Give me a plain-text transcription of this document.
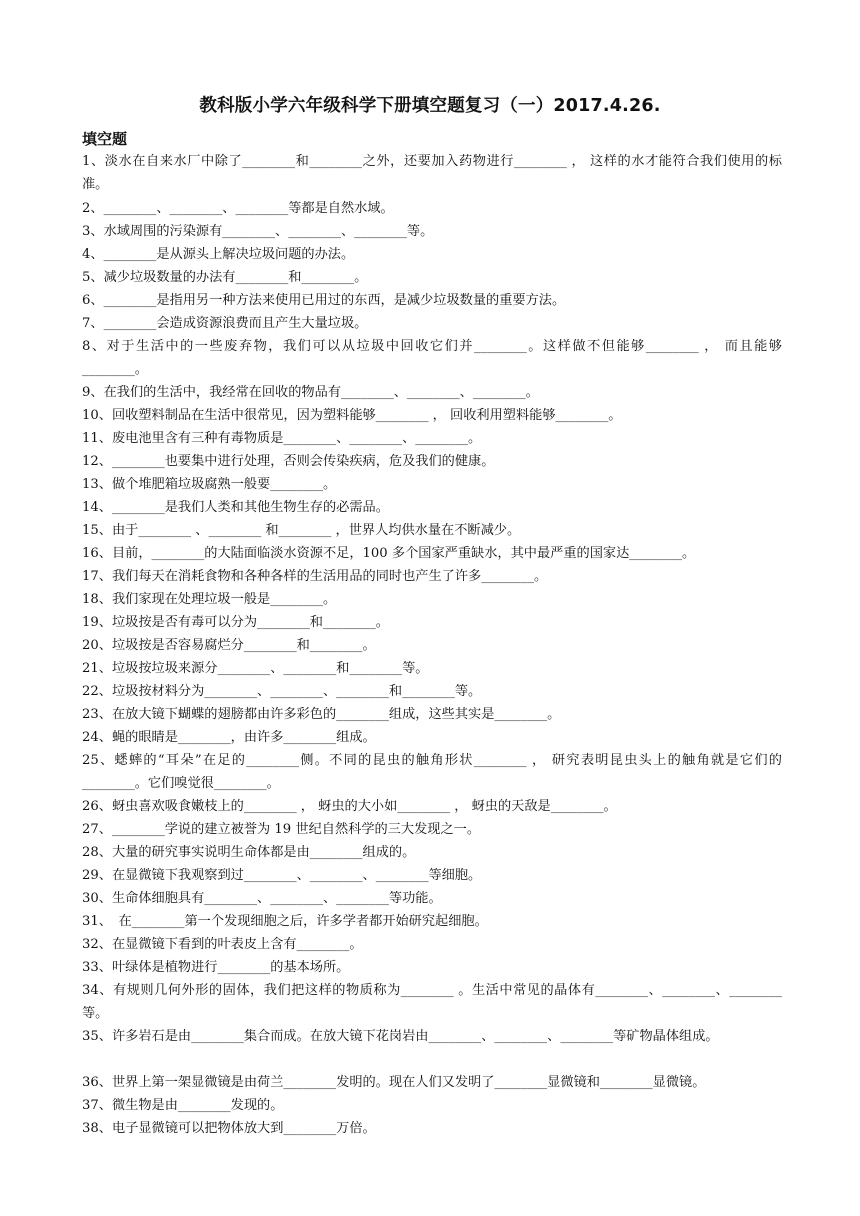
教科版小学六年级科学下册填空题复习（一）2017.4.26.
填空题
1、淡水在自来水厂中除了________和________之外，还要加入药物进行________ ， 这样的水才能符合我们使用的标准。
2、________、________、________等都是自然水域。
3、水域周围的污染源有________、________、________等。
4、________是从源头上解决垃圾问题的办法。
5、减少垃圾数量的办法有________和________。
6、________是指用另一种方法来使用已用过的东西，是减少垃圾数量的重要方法。
7、________会造成资源浪费而且产生大量垃圾。
8、对于生活中的一些废弃物，我们可以从垃圾中回收它们并________。这样做不但能够________ ， 而且能够________。
9、在我们的生活中，我经常在回收的物品有________、________、________。
10、回收塑料制品在生活中很常见，因为塑料能够________ ， 回收利用塑料能够________。
11、废电池里含有三种有毒物质是________、________、________。
12、________也要集中进行处理，否则会传染疾病，危及我们的健康。
13、做个堆肥箱垃圾腐熟一般要________。
14、________是我们人类和其他生物生存的必需品。
15、由于________ 、________ 和________ ，世界人均供水量在不断减少。
16、目前，________的大陆面临淡水资源不足，100 多个国家严重缺水，其中最严重的国家达________。
17、我们每天在消耗食物和各种各样的生活用品的同时也产生了许多________。
18、我们家现在处理垃圾一般是________。
19、垃圾按是否有毒可以分为________和________。
20、垃圾按是否容易腐烂分________和________。
21、垃圾按垃圾来源分________、________和________等。
22、垃圾按材料分为________、________、________和________等。
23、在放大镜下蝴蝶的翅膀都由许多彩色的________组成，这些其实是________。
24、蝇的眼睛是________，由许多________组成。
25、蟋蟀的“耳朵”在足的________侧。不同的昆虫的触角形状________ ， 研究表明昆虫头上的触角就是它们的________。它们嗅觉很________。
26、蚜虫喜欢吸食嫩枝上的________ ， 蚜虫的大小如________ ， 蚜虫的天敌是________。
27、________学说的建立被誉为 19 世纪自然科学的三大发现之一。
28、大量的研究事实说明生命体都是由________组成的。
29、在显微镜下我观察到过________、________、________等细胞。
30、生命体细胞具有________、________、________等功能。
31、　在________第一个发现细胞之后，许多学者都开始研究起细胞。
32、在显微镜下看到的叶表皮上含有________。
33、叶绿体是植物进行________的基本场所。
34、有规则几何外形的固体，我们把这样的物质称为________ 。生活中常见的晶体有________、________、________等。
35、许多岩石是由________集合而成。在放大镜下花岗岩由________、________、________等矿物晶体组成。
36、世界上第一架显微镜是由荷兰________发明的。现在人们又发明了________显微镜和________显微镜。
37、微生物是由________发现的。
38、电子显微镜可以把物体放大到________万倍。
